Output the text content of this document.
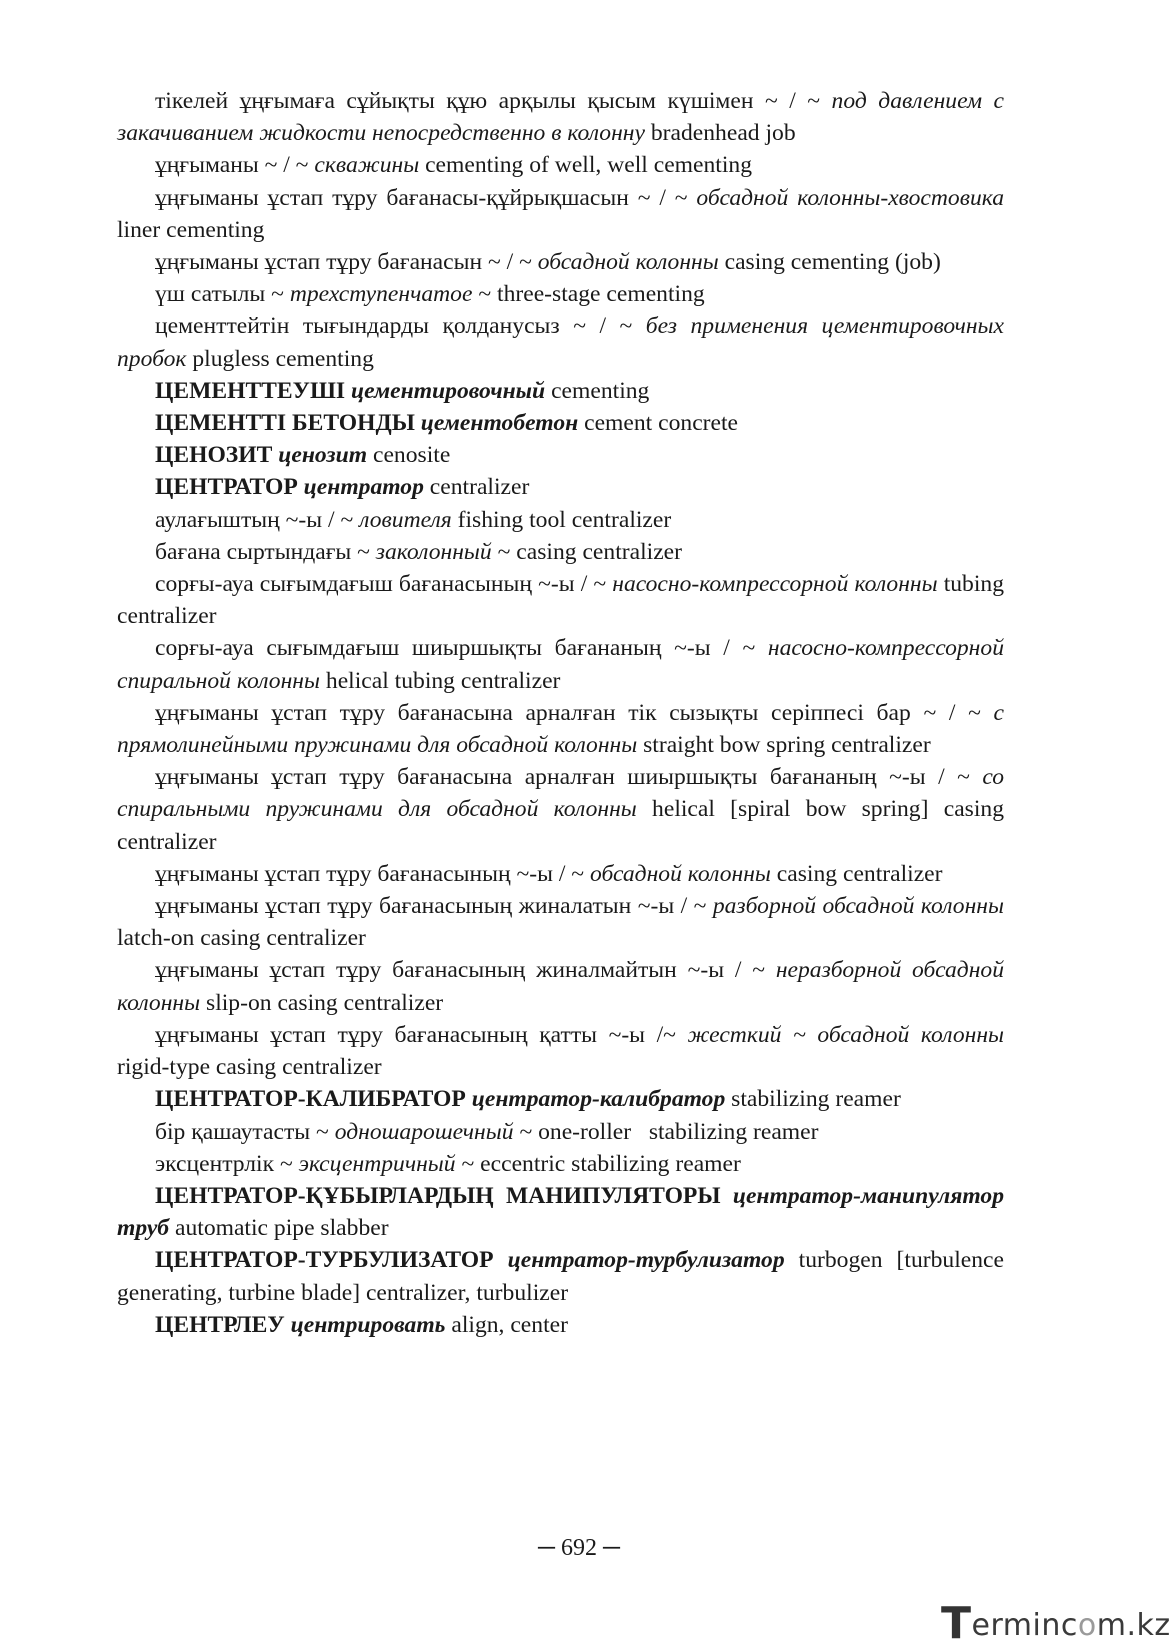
тікелей ұңғымаға сұйықты құю арқылы қысым күшімен ~ / ~ под давлением с закачиванием жидкости непосредственно в колонну bradenhead job

ұңғыманы ~ / ~ скважины cementing of well, well cementing

ұңғыманы ұстап тұру бағанасы-құйрықшасын ~ / ~ обсадной колонны-хвостовика liner cementing

ұңғыманы ұстап тұру бағанасын ~ / ~ обсадной колонны casing cementing (job)

үш сатылы ~ трехступенчатое ~ three-stage cementing

цементтейтін тығындарды қолданусыз ~ / ~ без применения цементировочных пробок plugless cementing

ЦЕМЕНТТЕУШІ цементировочный cementing

ЦЕМЕНТТІ БЕТОНДЫ цементобетон cement concrete

ЦЕНОЗИТ ценозит cenosite

ЦЕНТРАТОР центратор centralizer

аулағыштың ~-ы / ~ ловителя fishing tool centralizer

бағана сыртындағы ~ заколонный ~ casing centralizer

сорғы-ауа сығымдағыш бағанасының ~-ы / ~ насосно-компрессорной колонны tubing centralizer

сорғы-ауа сығымдағыш шиыршықты бағананың ~-ы / ~ насосно-компрессорной спиральной колонны helical tubing centralizer

ұңғыманы ұстап тұру бағанасына арналған тік сызықты серіппесі бар ~ / ~ с прямолинейными пружинами для обсадной колонны straight bow spring centralizer

ұңғыманы ұстап тұру бағанасына арналған шиыршықты бағананың ~-ы / ~ со спиральными пружинами для обсадной колонны helical [spiral bow spring] casing centralizer

ұңғыманы ұстап тұру бағанасының ~-ы / ~ обсадной колонны casing centralizer

ұңғыманы ұстап тұру бағанасының жиналатын ~-ы / ~ разборной обсадной колонны latch-on casing centralizer

ұңғыманы ұстап тұру бағанасының жиналмайтын ~-ы / ~ неразборной обсадной колонны slip-on casing centralizer

ұңғыманы ұстап тұру бағанасының қатты ~-ы /~ жесткий ~ обсадной колонны rigid-type casing centralizer

ЦЕНТРАТОР-КАЛИБРАТОР центратор-калибратор stabilizing reamer

бір қашаутасты ~ одношарошечный ~ one-roller   stabilizing reamer

эксцентрлік ~ эксцентричный ~ eccentric stabilizing reamer

ЦЕНТРАТОР-ҚҰБЫРЛАРДЫҢ МАНИПУЛЯТОРЫ центратор-манипулятор труб automatic pipe slabber

ЦЕНТРАТОР-ТУРБУЛИЗАТОР центратор-турбулизатор turbogen [turbulence generating, turbine blade] centralizer, turbulizer

ЦЕНТРЛЕУ центрировать align, center

─ 692 ─
Termincom.kz
